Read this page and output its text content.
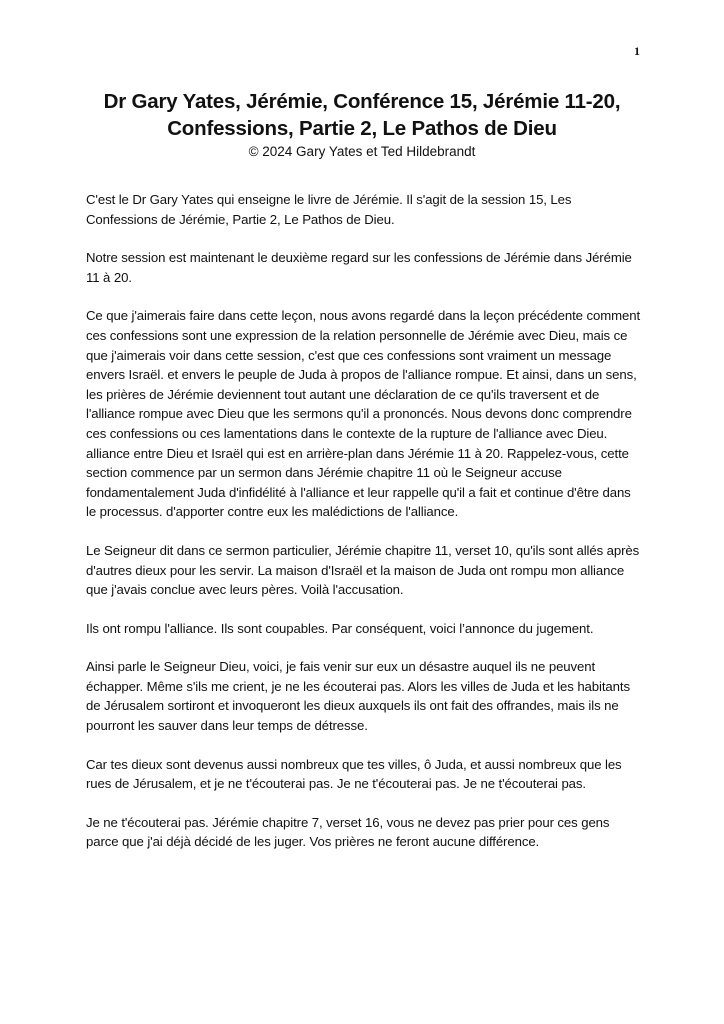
1
Dr Gary Yates, Jérémie, Conférence 15, Jérémie 11-20,
Confessions, Partie 2, Le Pathos de Dieu
© 2024 Gary Yates et Ted Hildebrandt

C'est le Dr Gary Yates qui enseigne le livre de Jérémie. Il s'agit de la session 15, Les Confessions de Jérémie, Partie 2, Le Pathos de Dieu.

Notre session est maintenant le deuxième regard sur les confessions de Jérémie dans Jérémie 11 à 20.

Ce que j'aimerais faire dans cette leçon, nous avons regardé dans la leçon précédente comment ces confessions sont une expression de la relation personnelle de Jérémie avec Dieu, mais ce que j'aimerais voir dans cette session, c'est que ces confessions sont vraiment un message envers Israël. et envers le peuple de Juda à propos de l'alliance rompue. Et ainsi, dans un sens, les prières de Jérémie deviennent tout autant une déclaration de ce qu'ils traversent et de l'alliance rompue avec Dieu que les sermons qu'il a prononcés. Nous devons donc comprendre ces confessions ou ces lamentations dans le contexte de la rupture de l'alliance avec Dieu. alliance entre Dieu et Israël qui est en arrière-plan dans Jérémie 11 à 20. Rappelez-vous, cette section commence par un sermon dans Jérémie chapitre 11 où le Seigneur accuse fondamentalement Juda d'infidélité à l'alliance et leur rappelle qu'il a fait et continue d'être dans le processus. d'apporter contre eux les malédictions de l'alliance.

Le Seigneur dit dans ce sermon particulier, Jérémie chapitre 11, verset 10, qu'ils sont allés après d'autres dieux pour les servir. La maison d'Israël et la maison de Juda ont rompu mon alliance que j'avais conclue avec leurs pères. Voilà l'accusation.

Ils ont rompu l'alliance. Ils sont coupables. Par conséquent, voici l’annonce du jugement.

Ainsi parle le Seigneur Dieu, voici, je fais venir sur eux un désastre auquel ils ne peuvent échapper. Même s'ils me crient, je ne les écouterai pas. Alors les villes de Juda et les habitants de Jérusalem sortiront et invoqueront les dieux auxquels ils ont fait des offrandes, mais ils ne pourront les sauver dans leur temps de détresse.

Car tes dieux sont devenus aussi nombreux que tes villes, ô Juda, et aussi nombreux que les rues de Jérusalem, et je ne t'écouterai pas. Je ne t'écouterai pas. Je ne t'écouterai pas.

Je ne t'écouterai pas. Jérémie chapitre 7, verset 16, vous ne devez pas prier pour ces gens parce que j'ai déjà décidé de les juger. Vos prières ne feront aucune différence.
